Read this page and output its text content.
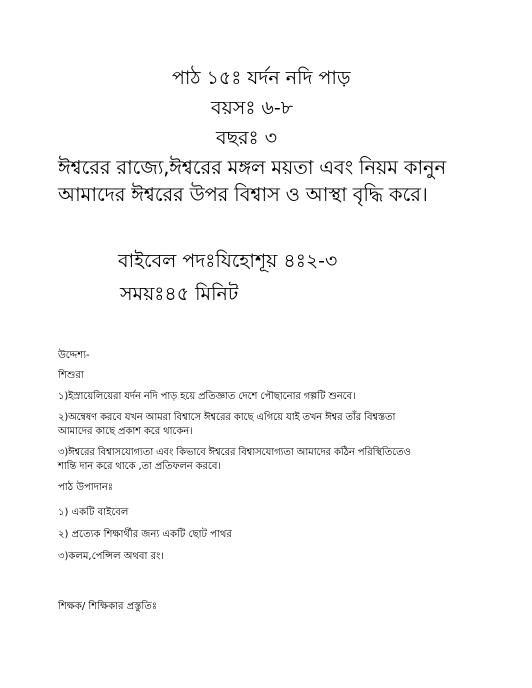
পাঠ ১৫ঃ যর্দন নদি পাড়
বয়সঃ ৬-৮
বছরঃ ৩
ঈশ্বরের রাজ্যে,ঈশ্বরের মঙ্গল ময়তা এবং নিয়ম কানুন
আমাদের ঈশ্বরের উপর বিশ্বাস ও আস্থা বৃদ্ধি করে।
বাইবেল পদঃযিহোশূয় ৪ঃ২-৩
সময়ঃ৪৫ মিনিট
উদ্দেশ্য-
শিশুরা
১)ইস্রায়েলিয়েরা যর্দন নদি পাড় হয়ে প্রতিজ্ঞাত দেশে পৌছানোর গল্পটি শুনবে।
২)অন্বেষণ করবে যখন আমরা বিশ্বাসে ঈশ্বরের কাছে এগিয়ে যাই তখন ঈশ্বর তাঁর বিশ্বস্ততা
আমাদের কাছে প্রকাশ করে থাকেন।
৩)ঈশ্বরের বিশ্বাসযোগ্যতা এবং কিভাবে ঈশ্বরের বিশ্বাসযোগ্যতা আমাদের কঠিন পরিস্থিতিতেও
শান্তি দান করে থাকে ,তা প্রতিফলন করবে।
পাঠ উপাদানঃ
১) একটি বাইবেল
২) প্রত্যেক শিক্ষার্থীর জন্য একটি ছোট পাথর
৩)কলম,পেন্সিল অথবা রং।
শিক্ষক/ শিক্ষিকার প্রস্তুতিঃ
